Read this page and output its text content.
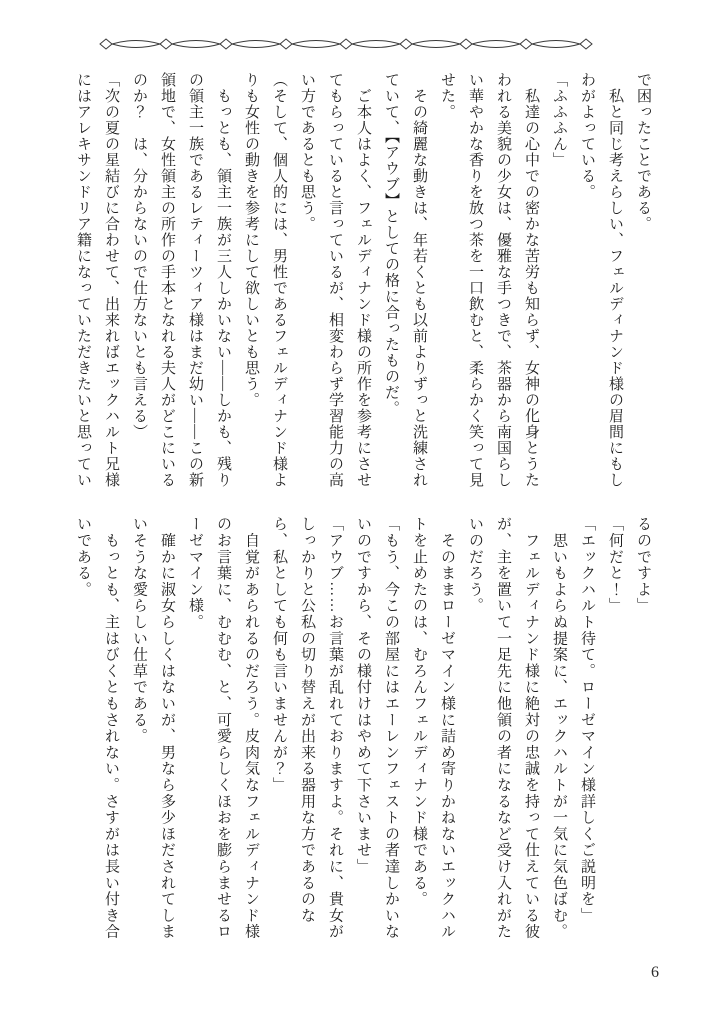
で困ったことである。

　私と同じ考えらしい、フェルディナンド様の眉間にもしわがよっている。

「ふふふん」

　私達の心中での密かな苦労も知らず、女神の化身とうたわれる美貌の少女は、優雅な手つきで、茶器から南国らしい華やかな香りを放つ茶を一口飲むと、柔らかく笑って見せた。

　その綺麗な動きは、年若くとも以前よりずっと洗練されていて、【アウブ】としての格に合ったものだ。

　ご本人はよく、フェルディナンド様の所作を参考にさせてもらっていると言っているが、相変わらず学習能力の高い方であるとも思う。

（そして、個人的には、男性であるフェルディナンド様よりも女性の動きを参考にして欲しいとも思う。

　もっとも、領主一族が三人しかいない――しかも、残りの領主一族であるレティーツィア様はまだ幼い――この新領地で、女性領主の所作の手本となれる夫人がどこにいるのか？　は、分からないので仕方ないとも言える）

「次の夏の星結びに合わせて、出来ればエックハルト兄様にはアレキサンドリア籍になっていただきたいと思ってい

るのですよ」

「何だと！」

「エックハルト待て。ローゼマイン様詳しくご説明を」

　思いもよらぬ提案に、エックハルトが一気に気色ばむ。

　フェルディナンド様に絶対の忠誠を持って仕えている彼が、主を置いて一足先に他領の者になるなど受け入れがたいのだろう。

　そのままローゼマイン様に詰め寄りかねないエックハルトを止めたのは、むろんフェルディナンド様である。

「もう、今この部屋にはエーレンフェストの者達しかいないのですから、その様付けはやめて下さいませ」

「アウブ……お言葉が乱れておりますよ。それに、貴女がしっかりと公私の切り替えが出来る器用な方であるのなら、私としても何も言いませんが？」

　自覚があられるのだろう。皮肉気なフェルディナンド様のお言葉に、むむむ、と、可愛らしくほおを膨らませるローゼマイン様。

　確かに淑女らしくはないが、男なら多少ほだされてしまいそうな愛らしい仕草である。

　もっとも、主はびくともされない。さすがは長い付き合いである。

6
